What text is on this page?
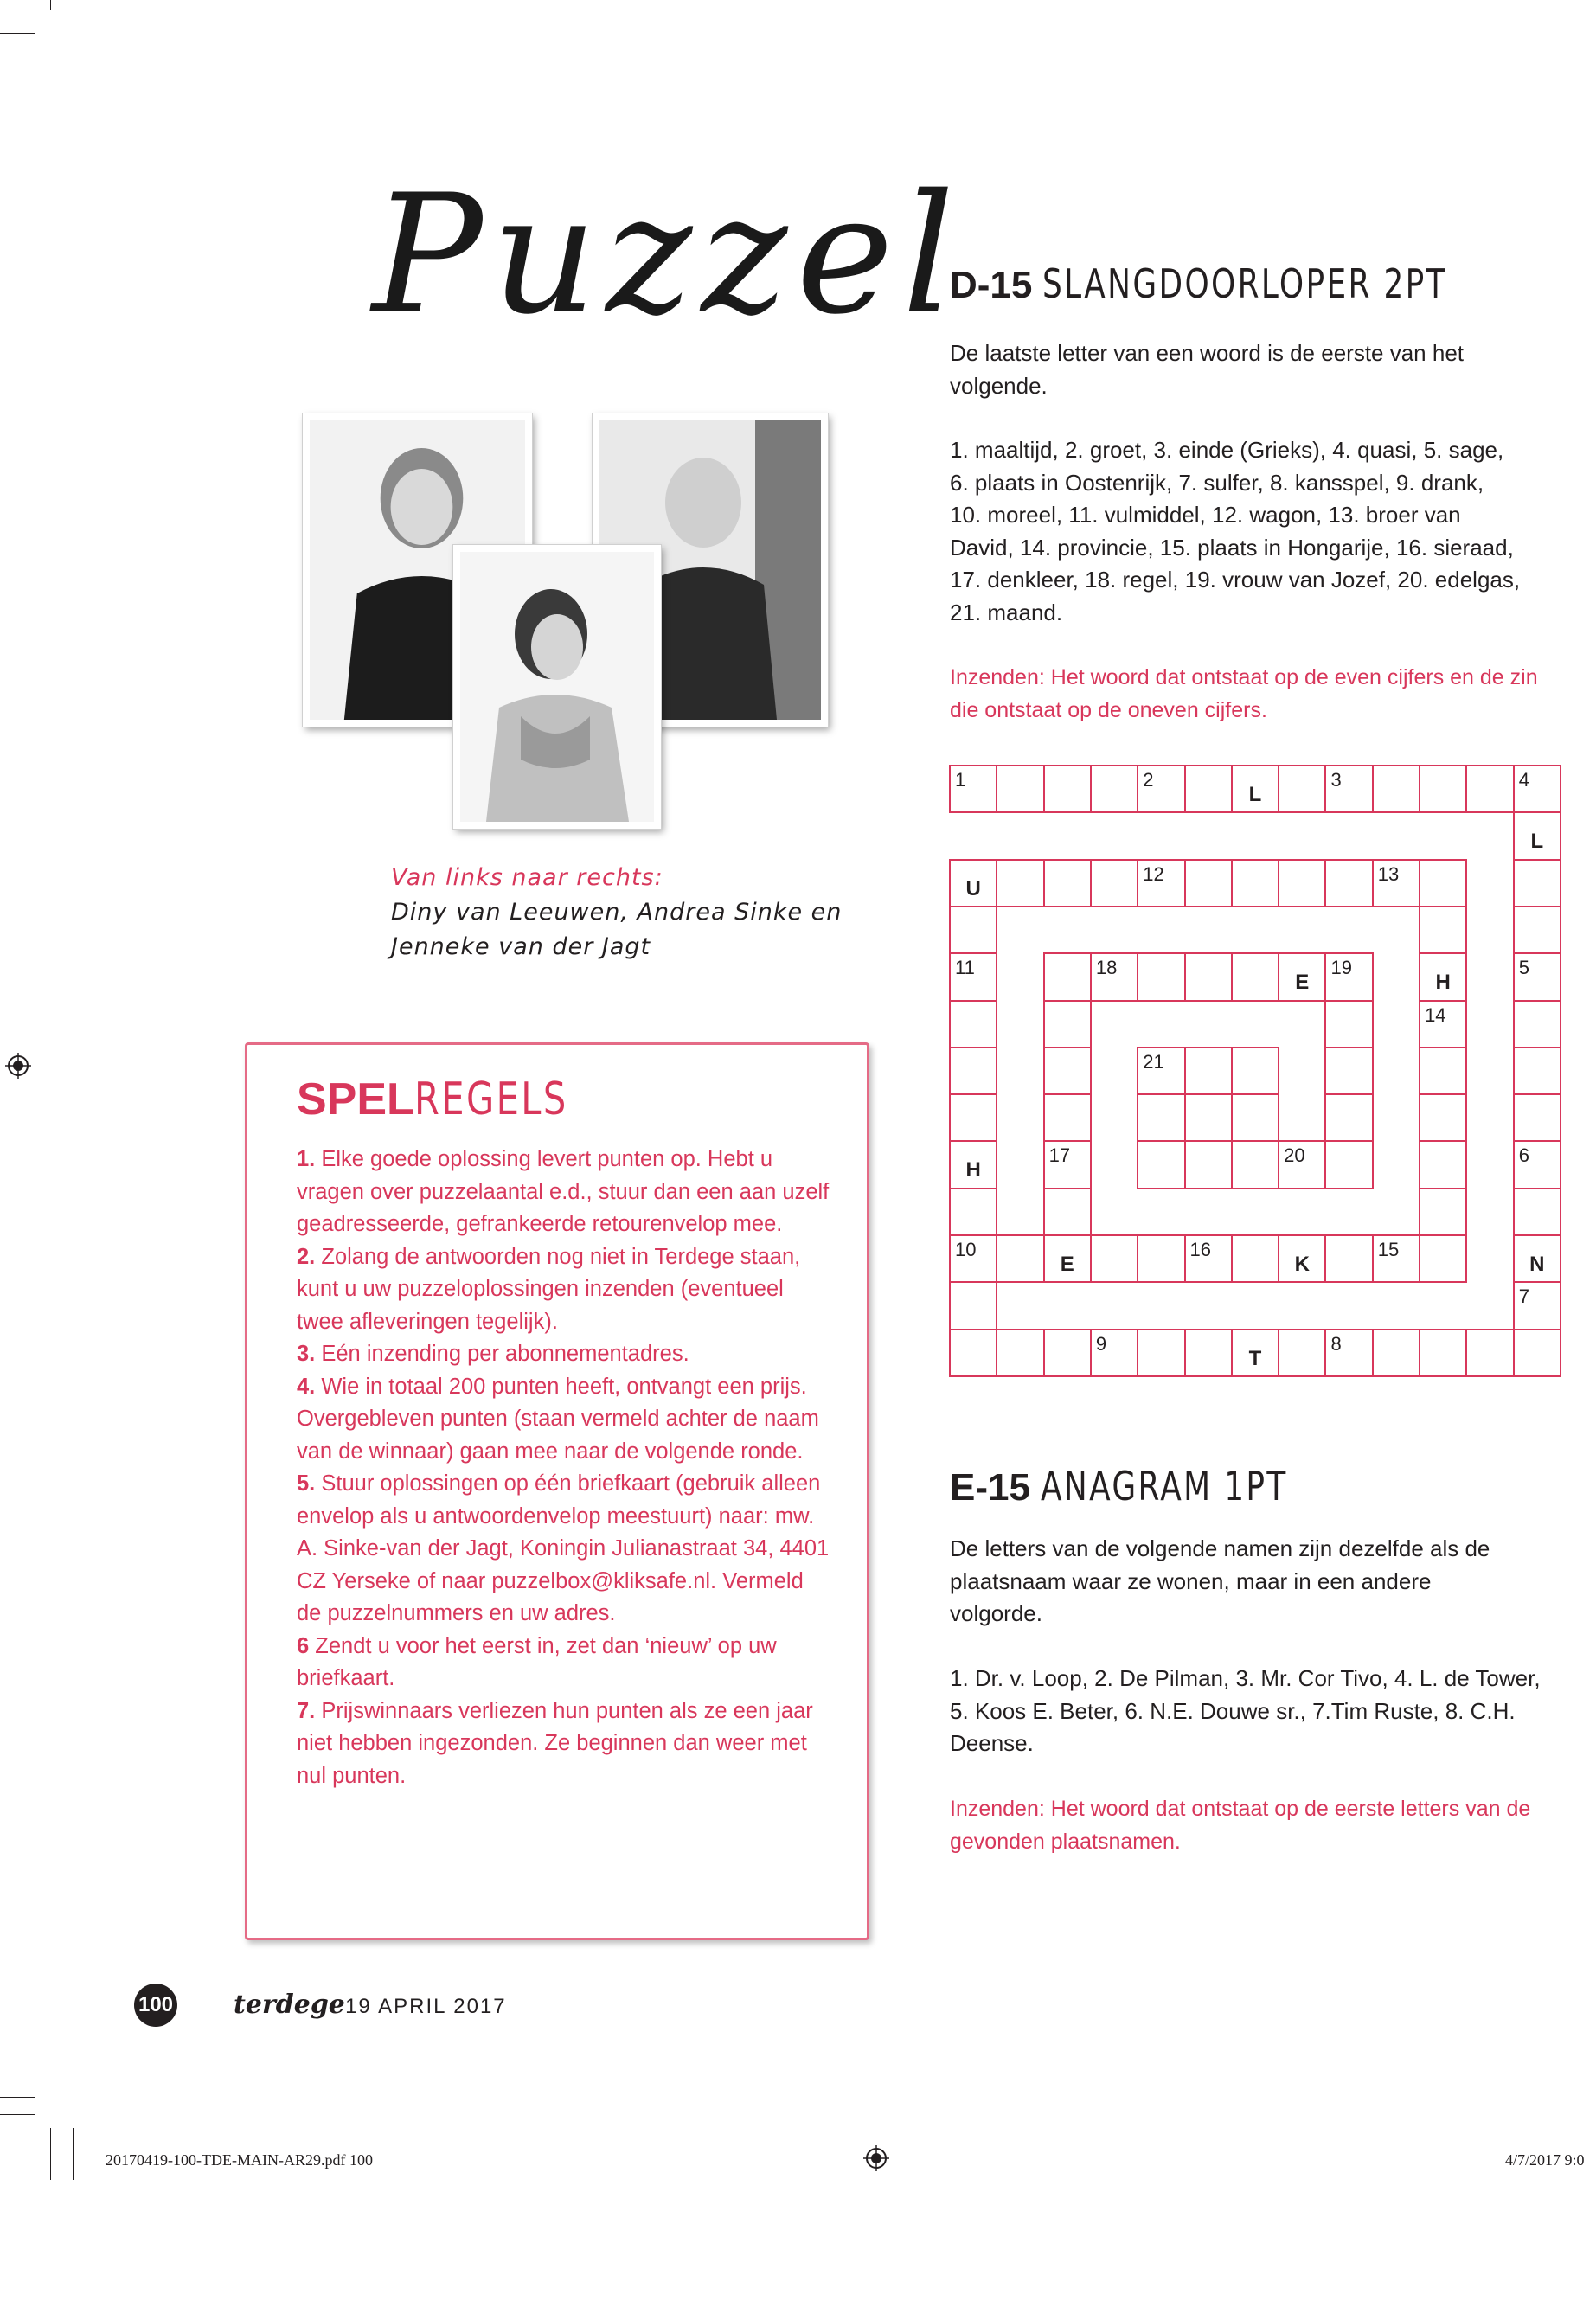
Puzzel
Van links naar rechts:
Diny van Leeuwen, Andrea Sinke en
Jenneke van der Jagt
D-15 SLANGDOORLOPER 2PT
De laatste letter van een woord is de eerste van het volgende.
1. maaltijd, 2. groet, 3. einde (Grieks), 4. quasi, 5. sage, 6. plaats in Oostenrijk, 7. sulfer, 8. kansspel, 9. drank, 10. moreel, 11. vulmiddel, 12. wagon, 13. broer van David, 14. provincie, 15. plaats in Hongarije, 16. sieraad, 17. denkleer, 18. regel, 19. vrouw van Jozef, 20. edelgas, 21. maand.
Inzenden: Het woord dat ontstaat op de even cijfers en de zin die ontstaat op de oneven cijfers.
1	2	3	4
12	13
11	18	19	5
14
21
17	20	6
10	16	15
7
9	8
L
L
U
E	H
H
E	K	N
T
E-15 ANAGRAM 1PT
De letters van de volgende namen zijn dezelfde als de plaatsnaam waar ze wonen, maar in een andere volgorde.
1. Dr. v. Loop, 2. De Pilman, 3. Mr. Cor Tivo, 4. L. de Tower, 5. Koos E. Beter, 6. N.E. Douwe sr., 7.Tim Ruste, 8. C.H. Deense.
Inzenden: Het woord dat ontstaat op de eerste letters van de gevonden plaatsnamen.
SPELREGELS
1. Elke goede oplossing levert punten op. Hebt u vragen over puzzelaantal e.d., stuur dan een aan uzelf geadresseerde, gefrankeerde retourenvelop mee.
2. Zolang de antwoorden nog niet in Terdege staan, kunt u uw puzzeloplossingen inzenden (eventueel twee afleveringen tegelijk).
3. Eén inzending per abonnementadres.
4. Wie in totaal 200 punten heeft, ontvangt een prijs. Overgebleven punten (staan vermeld achter de naam van de winnaar) gaan mee naar de volgende ronde.
5. Stuur oplossingen op één briefkaart (gebruik alleen envelop als u antwoordenvelop meestuurt) naar: mw. A. Sinke-van der Jagt, Koningin Julianastraat 34, 4401 CZ Yerseke of naar puzzelbox@kliksafe.nl. Vermeld de puzzelnummers en uw adres.
6 Zendt u voor het eerst in, zet dan ‘nieuw’ op uw briefkaart.
7. Prijswinnaars verliezen hun punten als ze een jaar niet hebben ingezonden. Ze beginnen dan weer met nul punten.
100 terdege
• 19 APRIL 2017
20170419-100-TDE-MAIN-AR29.pdf 100	4/7/2017 9:0
